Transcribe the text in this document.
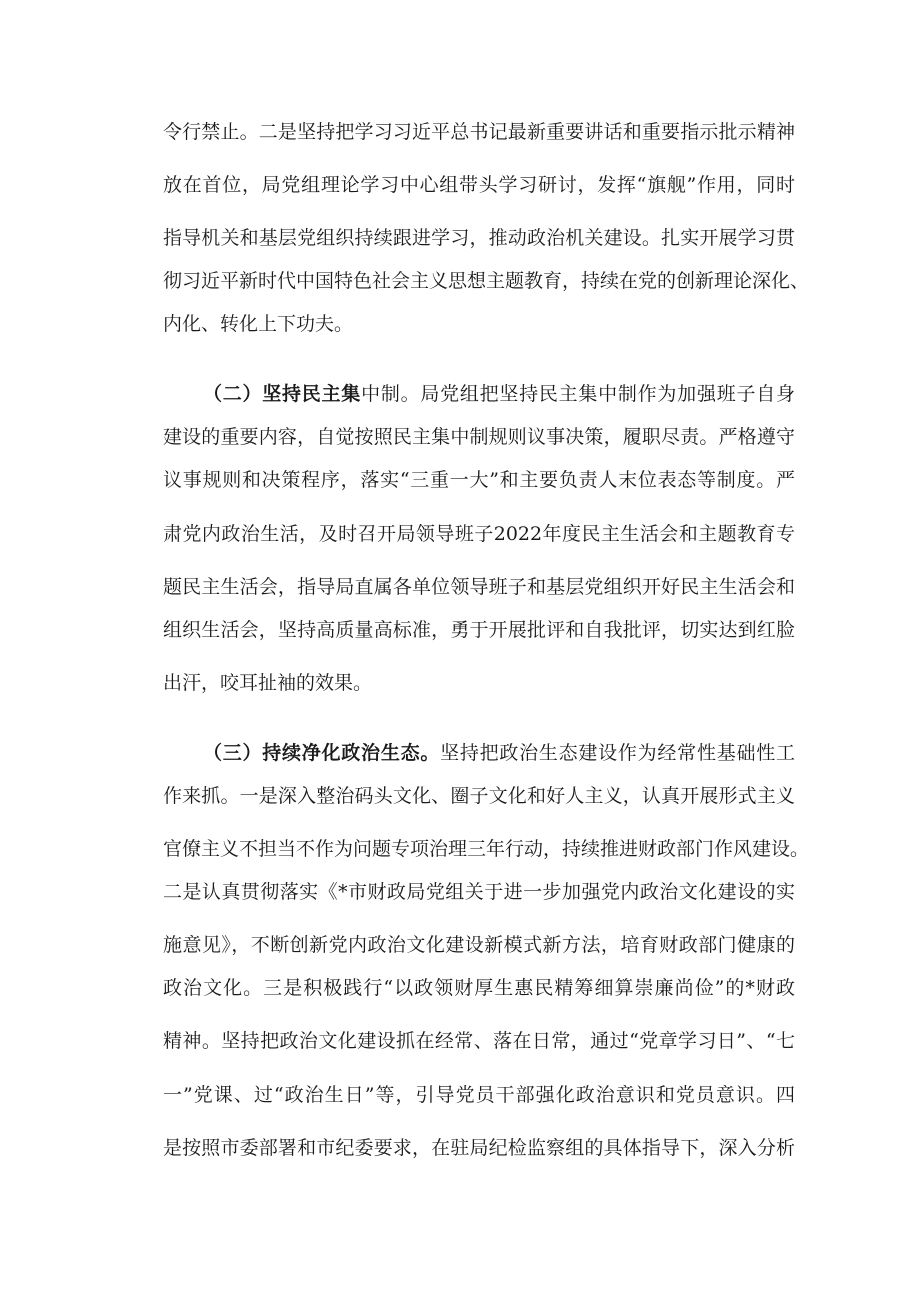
令行禁止。二是坚持把学习习近平总书记最新重要讲话和重要指示批示精神
放在首位，局党组理论学习中心组带头学习研讨，发挥“旗舰”作用，同时
指导机关和基层党组织持续跟进学习，推动政治机关建设。扎实开展学习贯
彻习近平新时代中国特色社会主义思想主题教育，持续在党的创新理论深化、
内化、转化上下功夫。
（二）坚持民主集中制。局党组把坚持民主集中制作为加强班子自身
建设的重要内容，自觉按照民主集中制规则议事决策，履职尽责。严格遵守
议事规则和决策程序，落实“三重一大”和主要负责人末位表态等制度。严
肃党内政治生活，及时召开局领导班子2022年度民主生活会和主题教育专
题民主生活会，指导局直属各单位领导班子和基层党组织开好民主生活会和
组织生活会，坚持高质量高标准，勇于开展批评和自我批评，切实达到红脸
出汗，咬耳扯袖的效果。
（三）持续净化政治生态。坚持把政治生态建设作为经常性基础性工
作来抓。一是深入整治码头文化、圈子文化和好人主义，认真开展形式主义
官僚主义不担当不作为问题专项治理三年行动，持续推进财政部门作风建设。
二是认真贯彻落实《*市财政局党组关于进一步加强党内政治文化建设的实
施意见》，不断创新党内政治文化建设新模式新方法，培育财政部门健康的
政治文化。三是积极践行“以政领财厚生惠民精筹细算崇廉尚俭”的*财政
精神。坚持把政治文化建设抓在经常、落在日常，通过“党章学习日”、“七
一”党课、过“政治生日”等，引导党员干部强化政治意识和党员意识。四
是按照市委部署和市纪委要求，在驻局纪检监察组的具体指导下，深入分析
